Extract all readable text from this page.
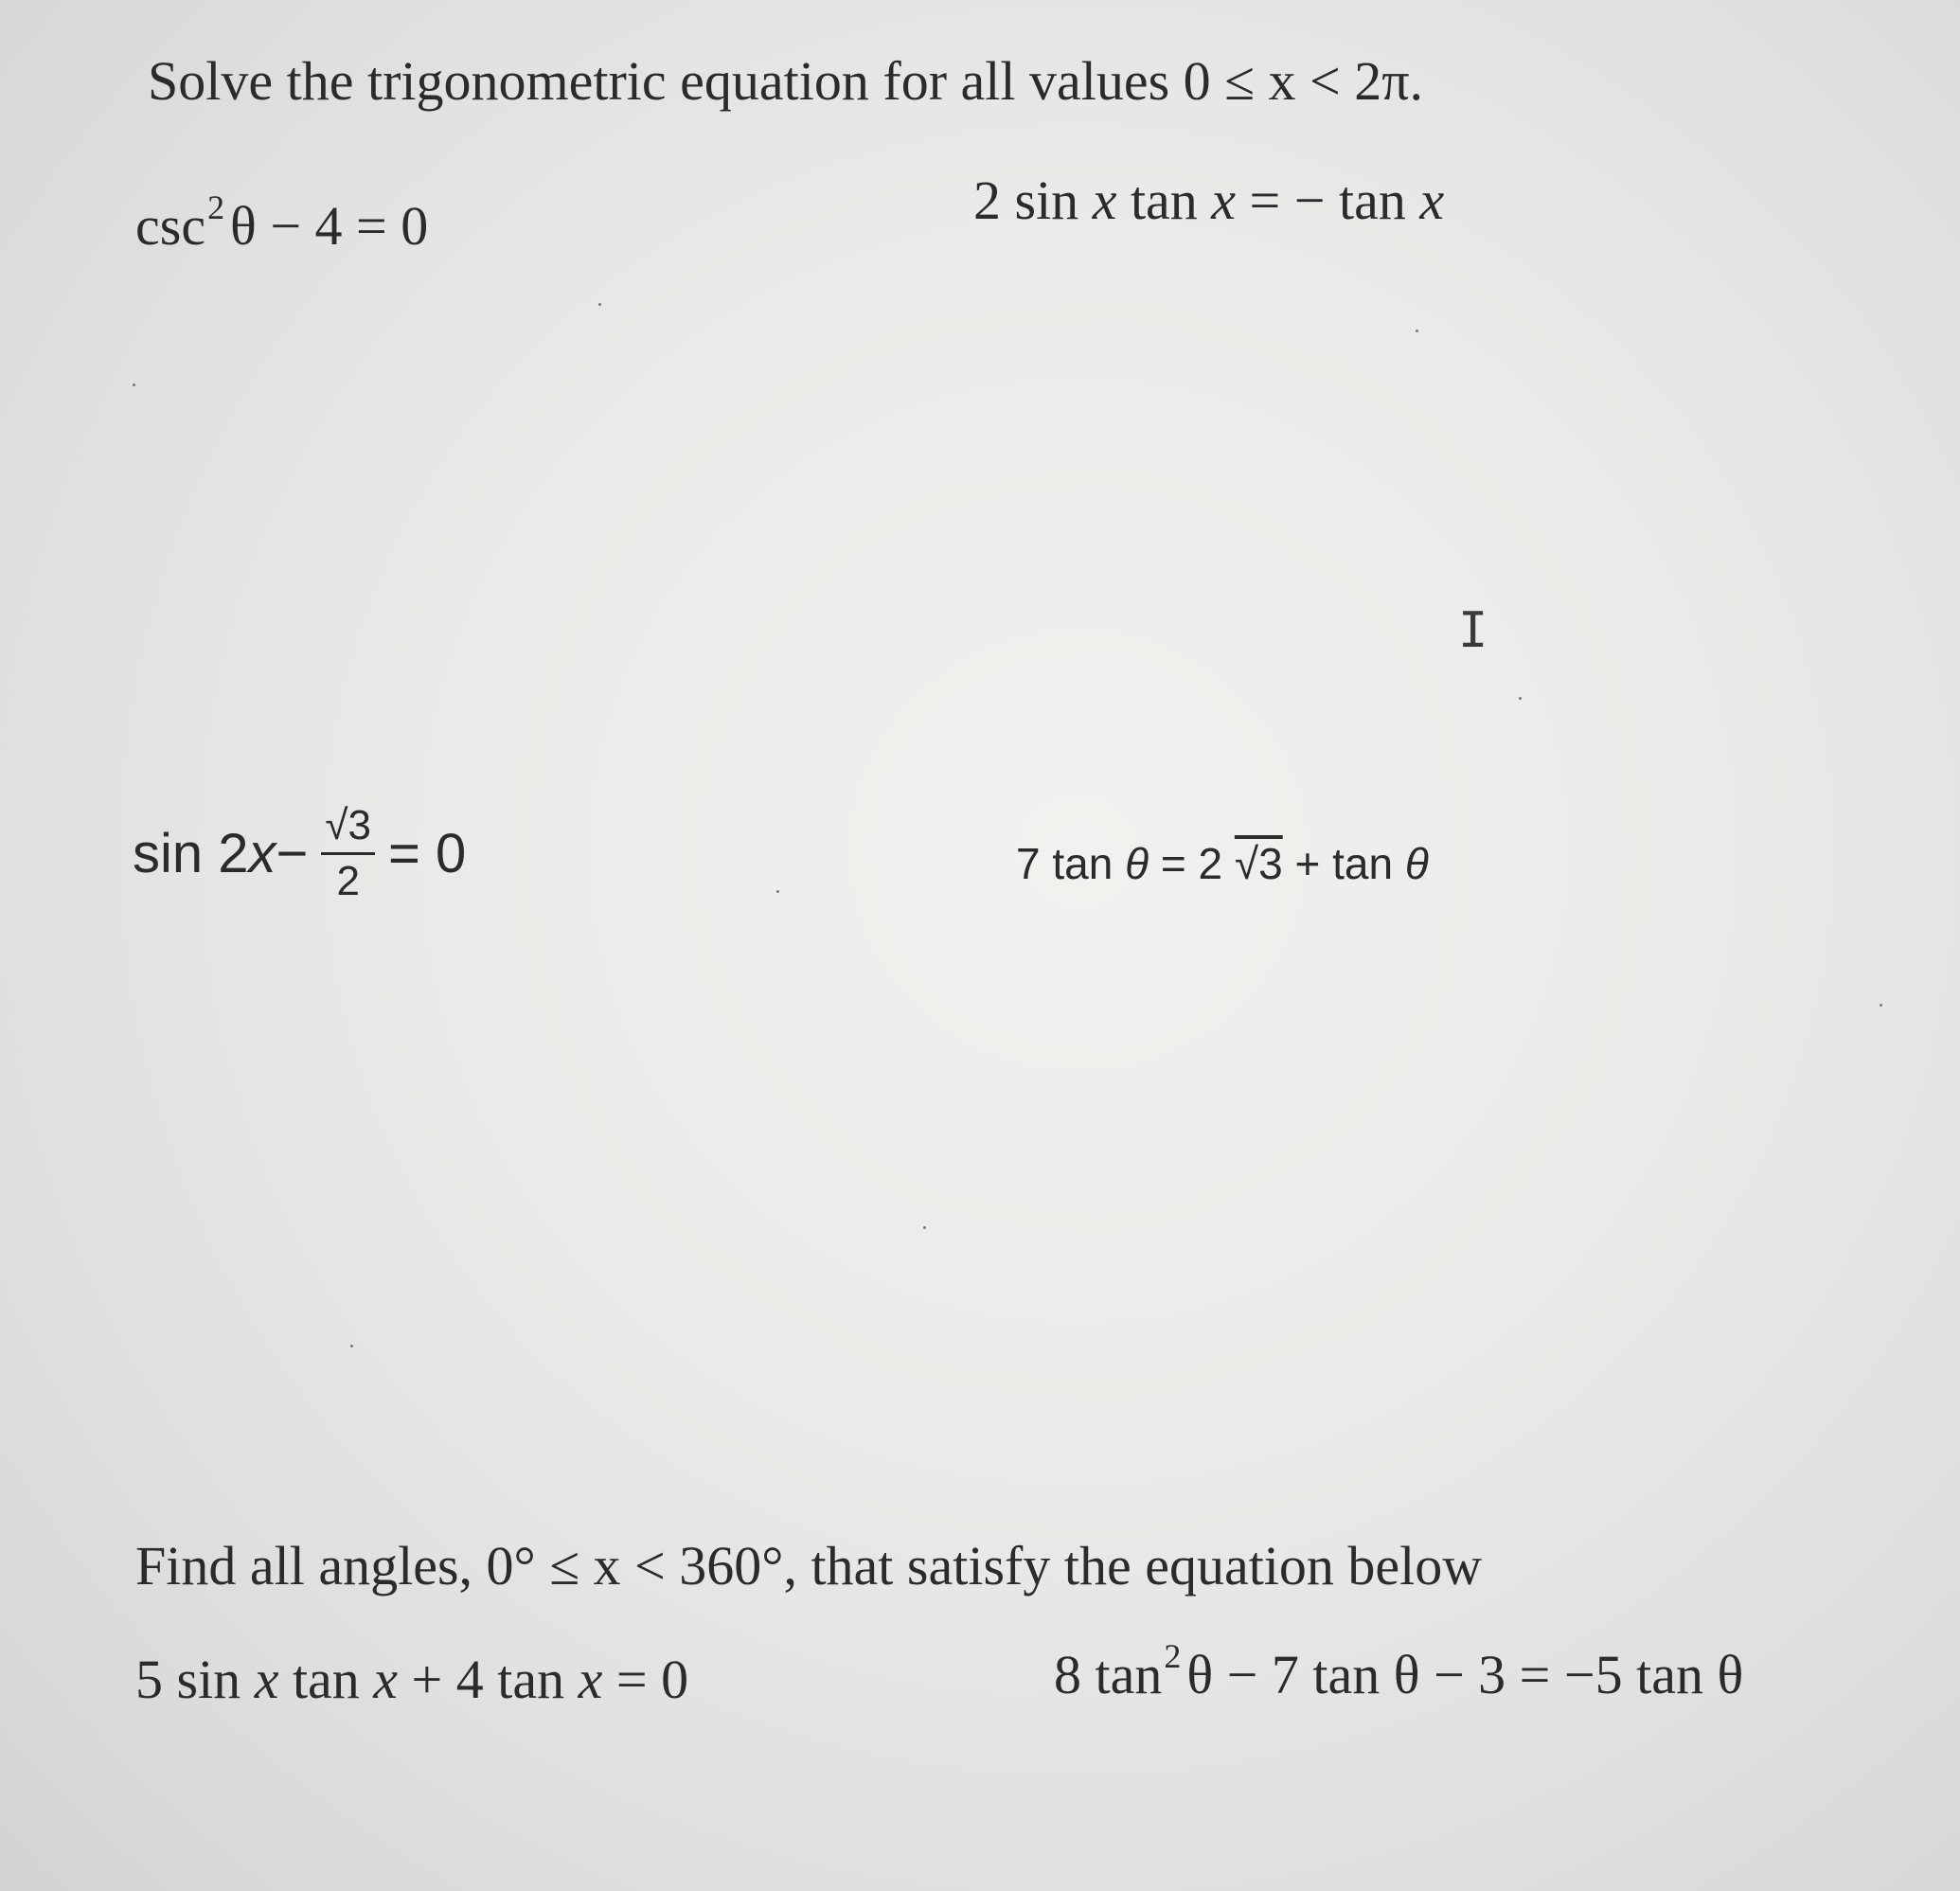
Solve the trigonometric equation for all values 0 ≤ x < 2π.
$\csc^2 \theta - 4 = 0$	2 sin x tan x = − tan x
sin 2 $x - \frac{√3}{2} = 0$	7 tan θ = 2 √3 + tan θ
I
Find all angles, 0° ≤ x < 360°, that satisfy the equation below
5 sin x tan x + 4 tan x = 0	8 $\tan^2 \theta - 7$ tan θ − 3 = −5 tan θ
